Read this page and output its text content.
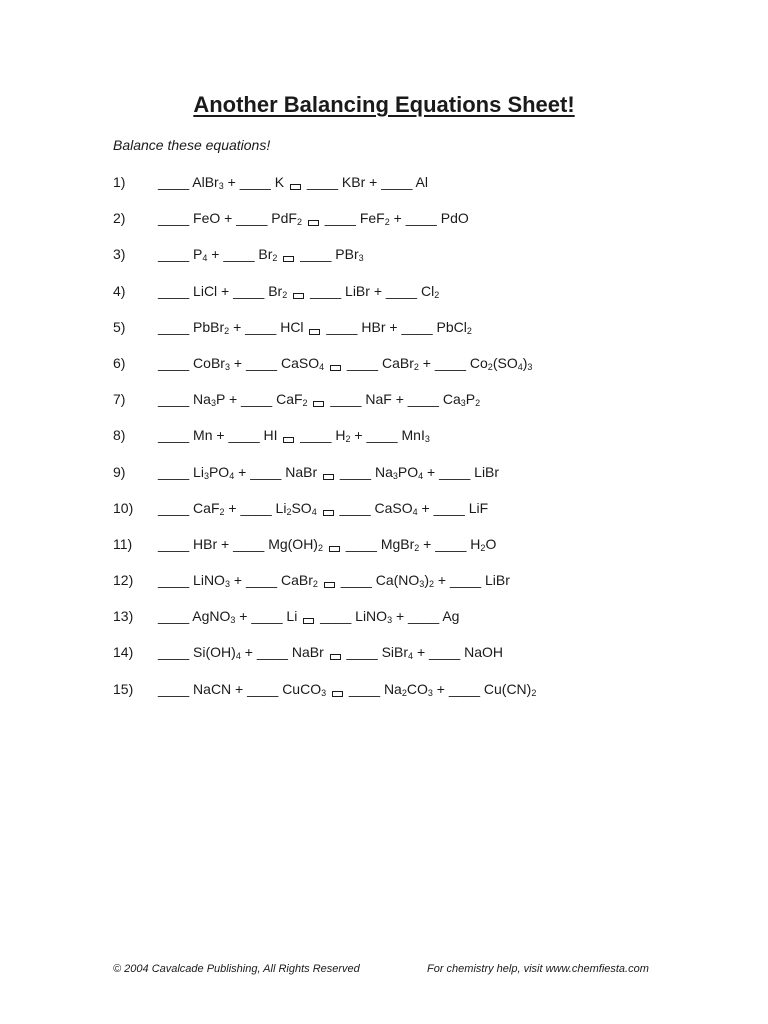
Another Balancing Equations Sheet!
Balance these equations!
1) ____ AlBr$_3$ + ____ K ____ KBr + ____ Al
2) ____ FeO + ____ PdF$_2$ ____ FeF$_2$ + ____ PdO
3) ____ $P_4$ + ____ $Br_2$ ____ PBr$_3$
4) ____ LiCl + ____ $Br_2$ ____ LiBr + ____ $Cl_2$
5) ____ PbBr$_2$ + ____ HCl ____ HBr + ____ PbCl$_2$
6) ____ CoBr$_3$ + ____ CaSO$_4$ ____ CaBr$_2$ + ____ $Co_2(SO_4)_3$
7) ____ $Na_3P$ + ____ CaF$_2$ ____ NaF + ____ $Ca_3P_2$
8) ____ Mn + ____ HI ____ $H_2$ + ____ MnI$_3$
9) ____ $Li_3PO_4$ + ____ NaBr ____ $Na_3PO_4$ + ____ LiBr
10) ____ CaF$_2$ + ____ $Li_2SO_4$ ____ CaSO$_4$ + ____ LiF
11) ____ HBr + ____ $Mg(OH)_2$ ____ MgBr$_2$ + ____ $H_2O$
12) ____ LiNO$_3$ + ____ CaBr$_2$ ____ $Ca(NO_3)_2$ + ____ LiBr
13) ____ AgNO$_3$ + ____ Li ____ LiNO$_3$ + ____ Ag
14) ____ $Si(OH)_4$ + ____ NaBr ____ SiBr$_4$ + ____ NaOH
15) ____ NaCN + ____ CuCO$_3$ ____ $Na_2CO_3$ + ____ $Cu(CN)_2$
© 2004 Cavalcade Publishing, All Rights Reserved	For chemistry help, visit www.chemfiesta.com
